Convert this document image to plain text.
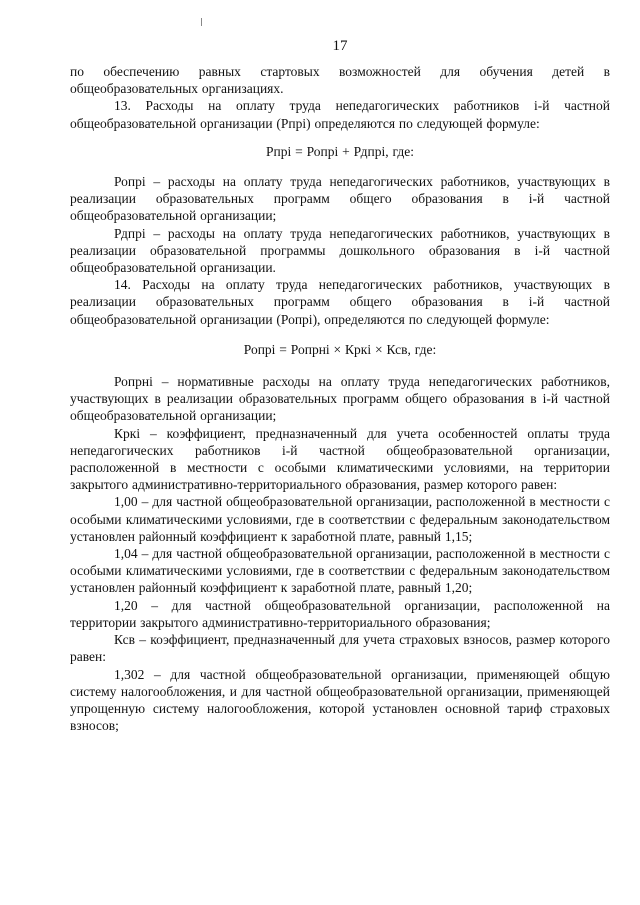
17

по обеспечению равных стартовых возможностей для обучения детей в общеобразовательных организациях.

13. Расходы на оплату труда непедагогических работников i-й частной общеобразовательной организации (Рпрi) определяются по следующей формуле:

Рпрi = Ропрi + Рдпрi, где:

Ропрi – расходы на оплату труда непедагогических работников, участвующих в реализации образовательных программ общего образования в i-й частной общеобразовательной организации;

Рдпрi – расходы на оплату труда непедагогических работников, участвующих в реализации образовательной программы дошкольного образования в i-й частной общеобразовательной организации.

14. Расходы на оплату труда непедагогических работников, участвующих в реализации образовательных программ общего образования в i-й частной общеобразовательной организации (Ропрi), определяются по следующей формуле:

Ропрi = Ропрнi × Кркi × Ксв, где:

Ропрнi – нормативные расходы на оплату труда непедагогических работников, участвующих в реализации образовательных программ общего образования в i-й частной общеобразовательной организации;

Кркi – коэффициент, предназначенный для учета особенностей оплаты труда непедагогических работников i-й частной общеобразовательной организации, расположенной в местности с особыми климатическими условиями, на территории закрытого административно-территориального образования, размер которого равен:

1,00 – для частной общеобразовательной организации, расположенной в местности с особыми климатическими условиями, где в соответствии с федеральным законодательством установлен районный коэффициент к заработной плате, равный 1,15;

1,04 – для частной общеобразовательной организации, расположенной в местности с особыми климатическими условиями, где в соответствии с федеральным законодательством установлен районный коэффициент к заработной плате, равный 1,20;

1,20 – для частной общеобразовательной организации, расположенной на территории закрытого административно-территориального образования;

Ксв – коэффициент, предназначенный для учета страховых взносов, размер которого равен:

1,302 – для частной общеобразовательной организации, применяющей общую систему налогообложения, и для частной общеобразовательной организации, применяющей упрощенную систему налогообложения, которой установлен основной тариф страховых взносов;
